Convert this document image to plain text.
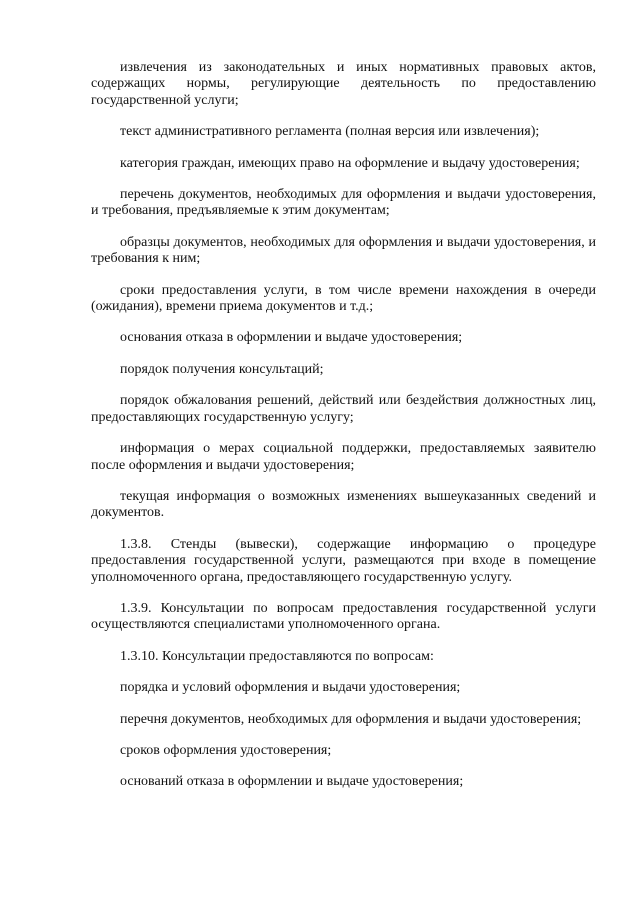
извлечения из законодательных и иных нормативных правовых актов, содержащих нормы, регулирующие деятельность по предоставлению государственной услуги;

текст административного регламента (полная версия или извлечения);

категория граждан, имеющих право на оформление и выдачу удостоверения;

перечень документов, необходимых для оформления и выдачи удостоверения, и требования, предъявляемые к этим документам;

образцы документов, необходимых для оформления и выдачи удостоверения, и требования к ним;

сроки предоставления услуги, в том числе времени нахождения в очереди (ожидания), времени приема документов и т.д.;

основания отказа в оформлении и выдаче удостоверения;

порядок получения консультаций;

порядок обжалования решений, действий или бездействия должностных лиц, предоставляющих государственную услугу;

информация о мерах социальной поддержки, предоставляемых заявителю после оформления и выдачи удостоверения;

текущая информация о возможных изменениях вышеуказанных сведений и документов.

1.3.8. Стенды (вывески), содержащие информацию о процедуре предоставления государственной услуги, размещаются при входе в помещение уполномоченного органа, предоставляющего государственную услугу.

1.3.9. Консультации по вопросам предоставления государственной услуги осуществляются специалистами уполномоченного органа.

1.3.10. Консультации предоставляются по вопросам:

порядка и условий оформления и выдачи удостоверения;

перечня документов, необходимых для оформления и выдачи удостоверения;

сроков оформления удостоверения;

оснований отказа в оформлении и выдаче удостоверения;
